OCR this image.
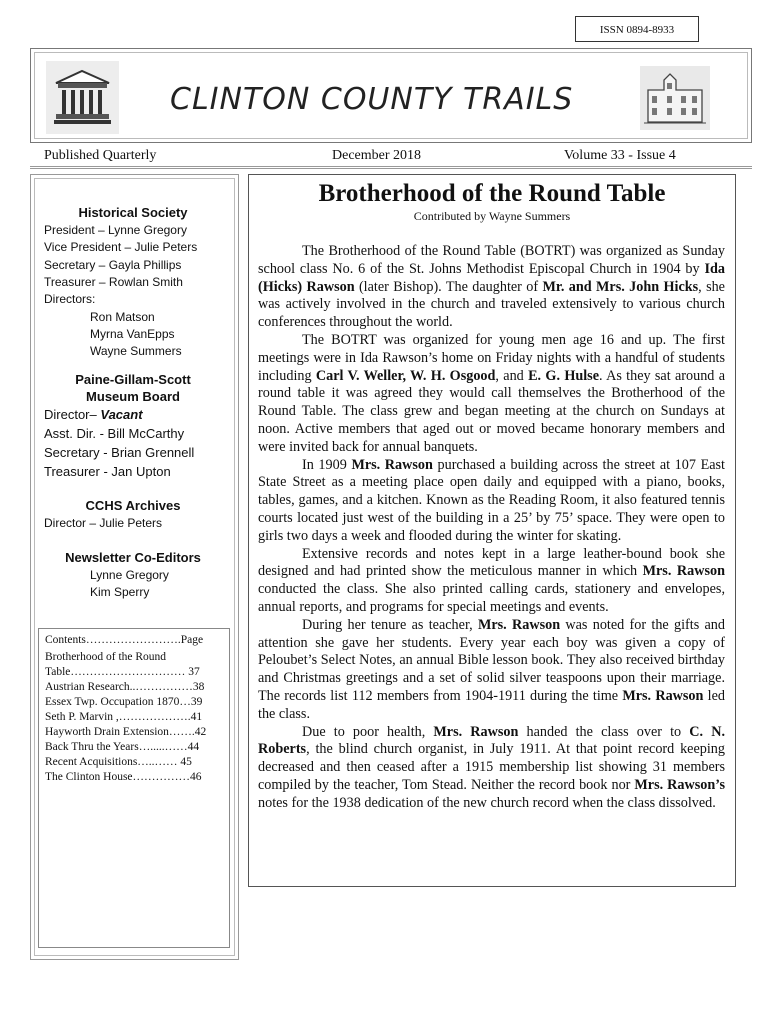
ISSN 0894-8933
CLINTON COUNTY TRAILS
Published Quarterly	December 2018	Volume 33 - Issue 4
Historical Society
President – Lynne Gregory
Vice President – Julie Peters
Secretary – Gayla Phillips
Treasurer – Rowlan Smith
Directors:
Ron Matson
Myrna VanEpps
Wayne Summers
Paine-Gillam-Scott
Museum Board
Director– Vacant
Asst. Dir. - Bill McCarthy
Secretary - Brian Grennell
Treasurer - Jan Upton
CCHS Archives
Director – Julie Peters
Newsletter Co-Editors
Lynne Gregory
Kim Sperry
Contents…………………….Page
Brotherhood of the Round
Table………………………… 37
Austrian Research..……………38
Essex Twp. Occupation 1870…39
Seth P. Marvin ,……………….41
Hayworth Drain Extension…….42
Back Thru the Years….....……44
Recent Acquisitions…..…… 45
The Clinton House……………46
Brotherhood of the Round Table
Contributed by Wayne Summers

The Brotherhood of the Round Table (BOTRT) was organized as Sunday school class No. 6 of the St. Johns Methodist Episcopal Church in 1904 by Ida (Hicks) Rawson (later Bishop). The daughter of Mr. and Mrs. John Hicks, she was actively involved in the church and traveled extensively to various church conferences throughout the world.

The BOTRT was organized for young men age 16 and up. The first meetings were in Ida Rawson’s home on Friday nights with a handful of students including Carl V. Weller, W. H. Osgood, and E. G. Hulse. As they sat around a round table it was agreed they would call themselves the Brotherhood of the Round Table. The class grew and began meeting at the church on Sundays at noon. Active members that aged out or moved became honorary members and were invited back for annual banquets.

In 1909 Mrs. Rawson purchased a building across the street at 107 East State Street as a meeting place open daily and equipped with a piano, books, tables, games, and a kitchen. Known as the Reading Room, it also featured tennis courts located just west of the building in a 25’ by 75’ space. They were open to girls two days a week and flooded during the winter for skating.

Extensive records and notes kept in a large leather-bound book she designed and had printed show the meticulous manner in which Mrs. Rawson conducted the class. She also printed calling cards, stationery and envelopes, annual reports, and programs for special meetings and events.

During her tenure as teacher, Mrs. Rawson was noted for the gifts and attention she gave her students. Every year each boy was given a copy of Peloubet’s Select Notes, an annual Bible lesson book. They also received birthday and Christmas greetings and a set of solid silver teaspoons upon their marriage. The records list 112 members from 1904-1911 during the time Mrs. Rawson led the class.

Due to poor health, Mrs. Rawson handed the class over to C. N. Roberts, the blind church organist, in July 1911. At that point record keeping decreased and then ceased after a 1915 membership list showing 31 members compiled by the teacher, Tom Stead. Neither the record book nor Mrs. Rawson’s notes for the 1938 dedication of the new church record when the class dissolved.
